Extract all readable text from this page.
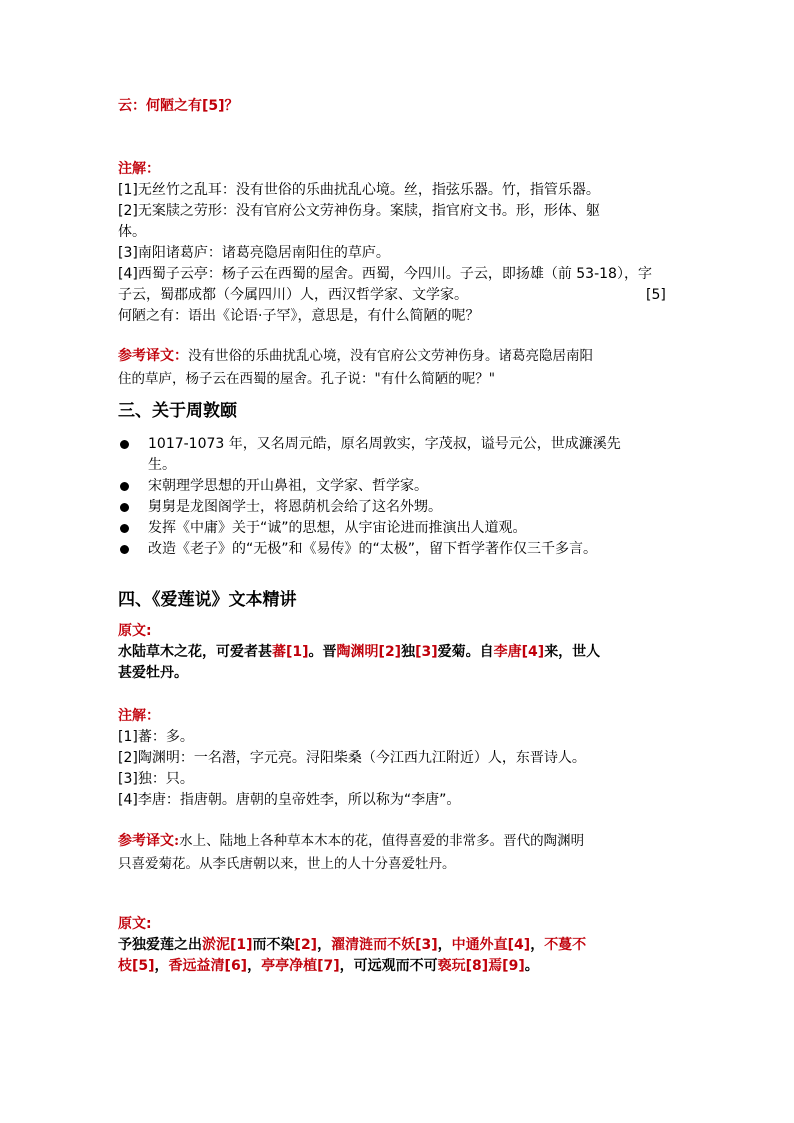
云：何陋之有[5]？
注解：
[1]无丝竹之乱耳：没有世俗的乐曲扰乱心境。丝，指弦乐器。竹，指管乐器。
[2]无案牍之劳形：没有官府公文劳神伤身。案牍，指官府文书。形，形体、躯
体。
[3]南阳诸葛庐：诸葛亮隐居南阳住的草庐。
[4]西蜀子云亭：杨子云在西蜀的屋舍。西蜀，今四川。子云，即扬雄（前 53-18），字
子云，蜀郡成都（今属四川）人，西汉哲学家、文学家。	[5]
何陋之有：语出《论语·子罕》，意思是，有什么简陋的呢？
参考译文：没有世俗的乐曲扰乱心境，没有官府公文劳神伤身。诸葛亮隐居南阳
住的草庐，杨子云在西蜀的屋舍。孔子说："有什么简陋的呢？"
三、关于周敦颐
1017-1073 年，又名周元皓，原名周敦实，字茂叔，谥号元公，世成濂溪先
生。
宋朝理学思想的开山鼻祖，文学家、哲学家。
舅舅是龙图阁学士，将恩荫机会给了这名外甥。
发挥《中庸》关于“诚”的思想，从宇宙论进而推演出人道观。
改造《老子》的“无极”和《易传》的“太极”，留下哲学著作仅三千多言。
四、《爱莲说》文本精讲
原文:
水陆草木之花，可爱者甚蕃[1]。晋陶渊明[2]独[3]爱菊。自李唐[4]来，世人
甚爱牡丹。
注解：
[1]蕃：多。
[2]陶渊明：一名潜，字元亮。浔阳柴桑（今江西九江附近）人，东晋诗人。
[3]独：只。
[4]李唐：指唐朝。唐朝的皇帝姓李，所以称为“李唐”。
参考译文:水上、陆地上各种草本木本的花，值得喜爱的非常多。晋代的陶渊明
只喜爱菊花。从李氏唐朝以来，世上的人十分喜爱牡丹。
原文:
予独爱莲之出淤泥[1]而不染[2]，濯清涟而不妖[3]，中通外直[4]，不蔓不
枝[5]，香远益清[6]，亭亭净植[7]，可远观而不可亵玩[8]焉[9]。
